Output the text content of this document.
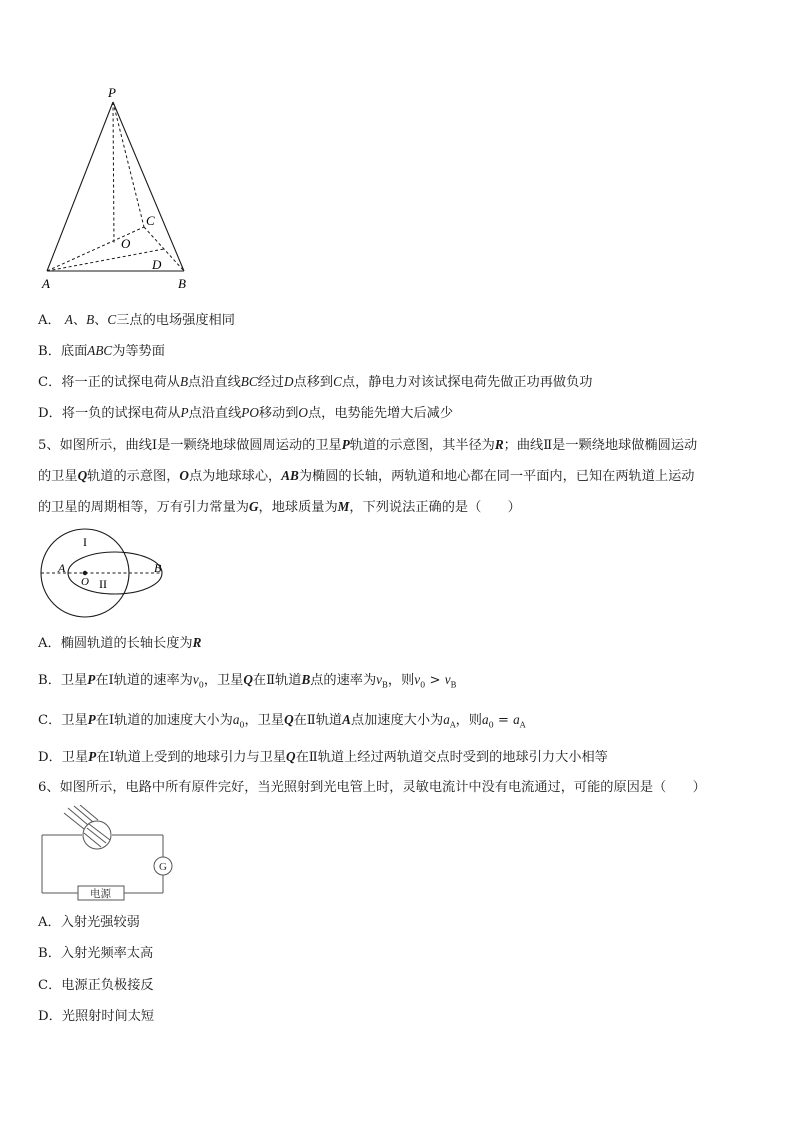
P
A	B
C
O
D
A． A、B、C三点的电场强度相同
B．底面ABC为等势面
C．将一正的试探电荷从B点沿直线BC经过D点移到C点，静电力对该试探电荷先做正功再做负功
D．将一负的试探电荷从P点沿直线PO移动到O点，电势能先增大后减少
5、如图所示，曲线Ⅰ是一颗绕地球做圆周运动的卫星P轨道的示意图，其半径为R；曲线Ⅱ是一颗绕地球做椭圆运动
的卫星Q轨道的示意图，O点为地球球心，AB为椭圆的长轴，两轨道和地心都在同一平面内，已知在两轨道上运动
的卫星的周期相等，万有引力常量为G，地球质量为M，下列说法正确的是（　　）
I
II
A
O
B
A．椭圆轨道的长轴长度为R
B．卫星P在Ⅰ轨道的速率为$v_0$，卫星Q在Ⅱ轨道B点的速率为$v_B$，则$v_0 > v_B$
C．卫星P在Ⅰ轨道的加速度大小为$a_0$，卫星Q在Ⅱ轨道A点加速度大小为$a_A$，则$a_0 = a_A$
D．卫星P在Ⅰ轨道上受到的地球引力与卫星Q在Ⅱ轨道上经过两轨道交点时受到的地球引力大小相等
6、如图所示，电路中所有原件完好，当光照射到光电管上时，灵敏电流计中没有电流通过，可能的原因是（　　）
G
电源
A．入射光强较弱
B．入射光频率太高
C．电源正负极接反
D．光照射时间太短
